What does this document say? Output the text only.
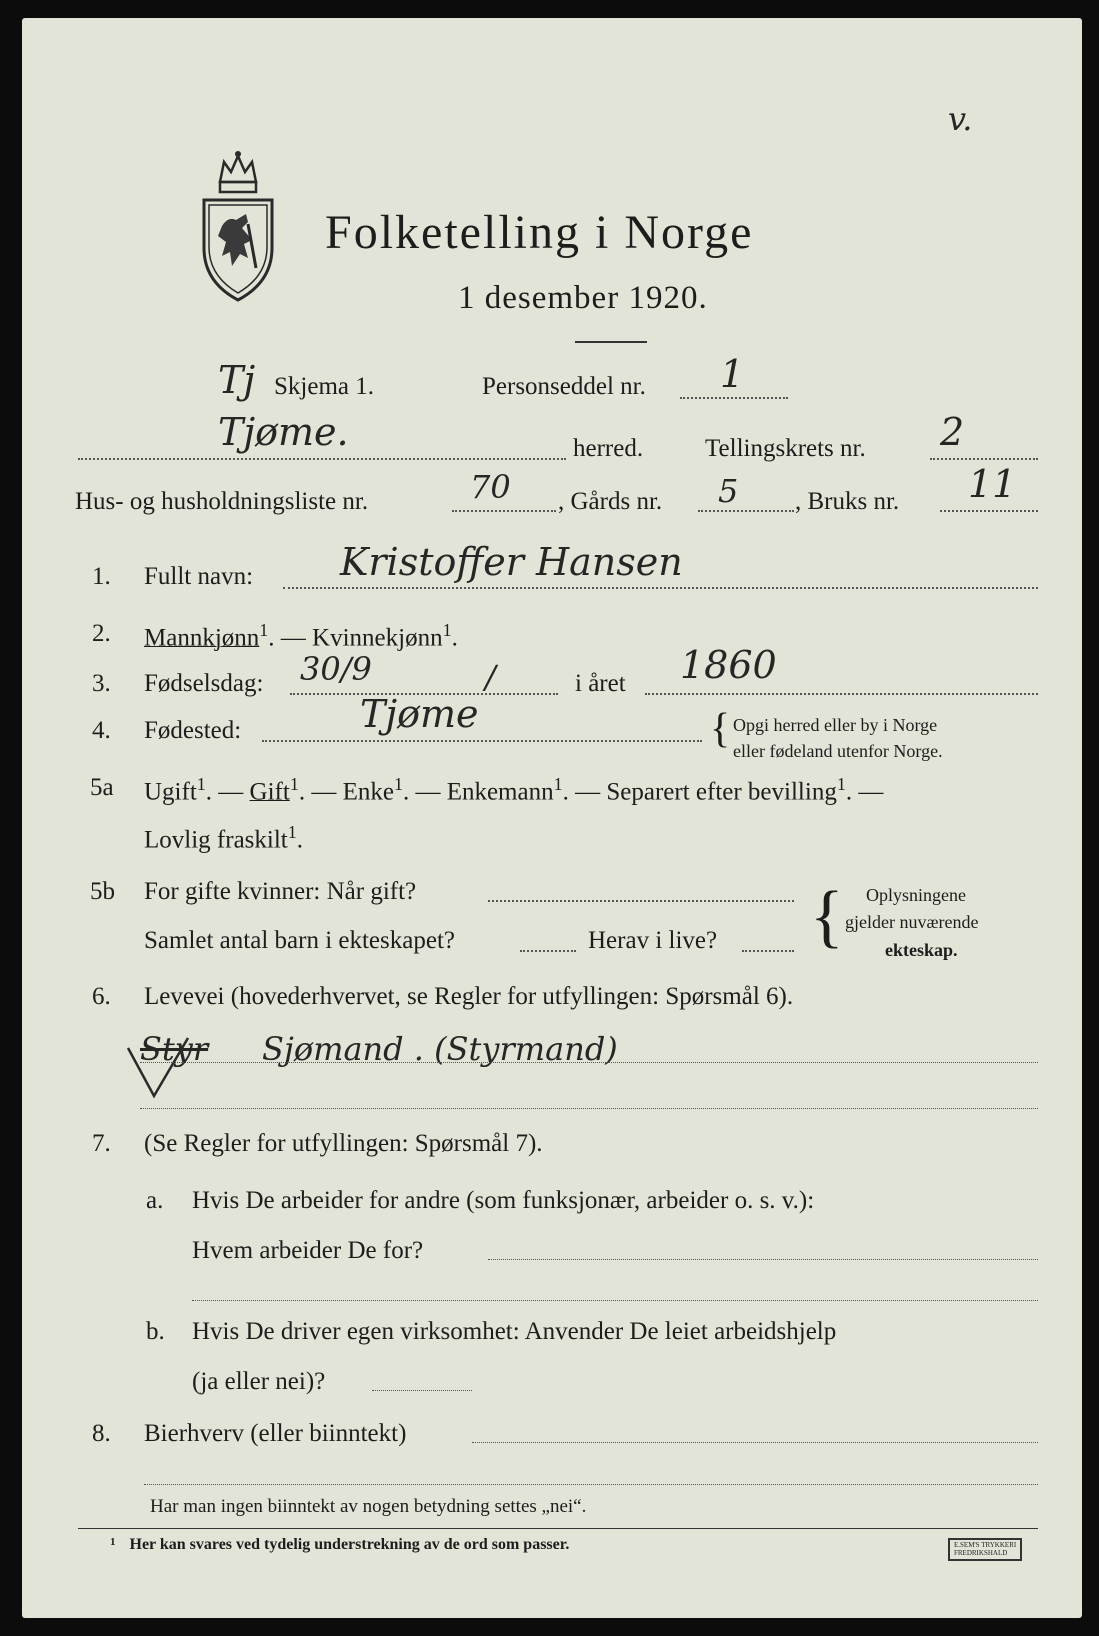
Folketelling i Norge
1 desember 1920.
v.
Tj Skjema 1.	Personseddel nr. 1
Tjøme.	herred. Tellingskrets nr. 2
Hus- og husholdningsliste nr.	70 , Gårds nr. 5 , Bruks nr. 11
1. Fullt navn: Kristoffer Hansen
2. Mannkjønn$^1$. — Kvinnekjønn$^1$.
3. Fødselsdag: 30/9	/	i året 1860
4. Fødested:	Tjøme	{ Opgi herred eller by i Norge
eller fødeland utenfor Norge.
5a Ugift$^1$. — Gift$^1$. — Enke$^1$. — Enkemann$^1$. — Separert efter bevilling$^1$. —
Lovlig fraskilt$^1$.
5b For gifte kvinner: Når gift?
Samlet antal barn i ekteskapet?	Herav i live? { Oplysningene
gjelder nuværende
ekteskap.
6. Levevei (hovederhvervet, se Regler for utfyllingen: Spørsmål 6).
Styr Sjømand . (Styrmand)
7. (Se Regler for utfyllingen: Spørsmål 7).
a. Hvis De arbeider for andre (som funksjonær, arbeider o. s. v.):
Hvem arbeider De for?
b. Hvis De driver egen virksomhet: Anvender De leiet arbeidshjelp
(ja eller nei)?
8. Bierhverv (eller biinntekt)
Har man ingen biinntekt av nogen betydning settes „nei“.
$^1$ Her kan svares ved tydelig understrekning av de ord som passer.	E.SEM'S TRYKKERI
FREDRIKSHALD
